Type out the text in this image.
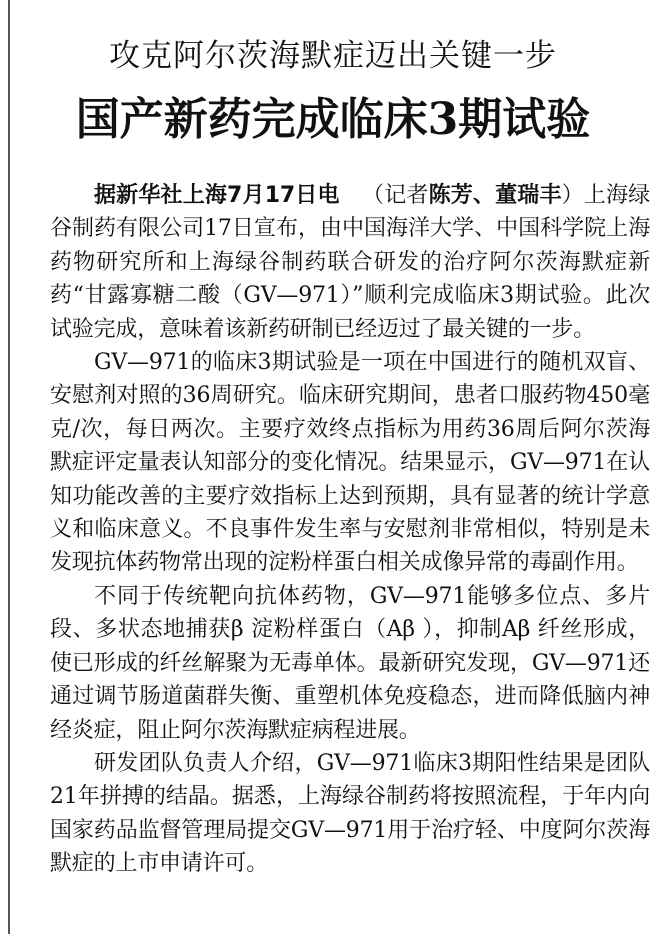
攻克阿尔茨海默症迈出关键一步
国产新药完成临床3期试验

据新华社上海7月17日电 （记者陈芳、董瑞丰）上海绿谷制药有限公司17日宣布，由中国海洋大学、中国科学院上海药物研究所和上海绿谷制药联合研发的治疗阿尔茨海默症新药“甘露寡糖二酸（GV—971）”顺利完成临床3期试验。此次试验完成，意味着该新药研制已经迈过了最关键的一步。

GV—971的临床3期试验是一项在中国进行的随机双盲、安慰剂对照的36周研究。临床研究期间，患者口服药物450毫克/次，每日两次。主要疗效终点指标为用药36周后阿尔茨海默症评定量表认知部分的变化情况。结果显示，GV—971在认知功能改善的主要疗效指标上达到预期，具有显著的统计学意义和临床意义。不良事件发生率与安慰剂非常相似，特别是未发现抗体药物常出现的淀粉样蛋白相关成像异常的毒副作用。

不同于传统靶向抗体药物，GV—971能够多位点、多片段、多状态地捕获β 淀粉样蛋白（Aβ ），抑制Aβ 纤丝形成，使已形成的纤丝解聚为无毒单体。最新研究发现，GV—971还通过调节肠道菌群失衡、重塑机体免疫稳态，进而降低脑内神经炎症，阻止阿尔茨海默症病程进展。

研发团队负责人介绍，GV—971临床3期阳性结果是团队21年拼搏的结晶。据悉，上海绿谷制药将按照流程，于年内向国家药品监督管理局提交GV—971用于治疗轻、中度阿尔茨海默症的上市申请许可。
